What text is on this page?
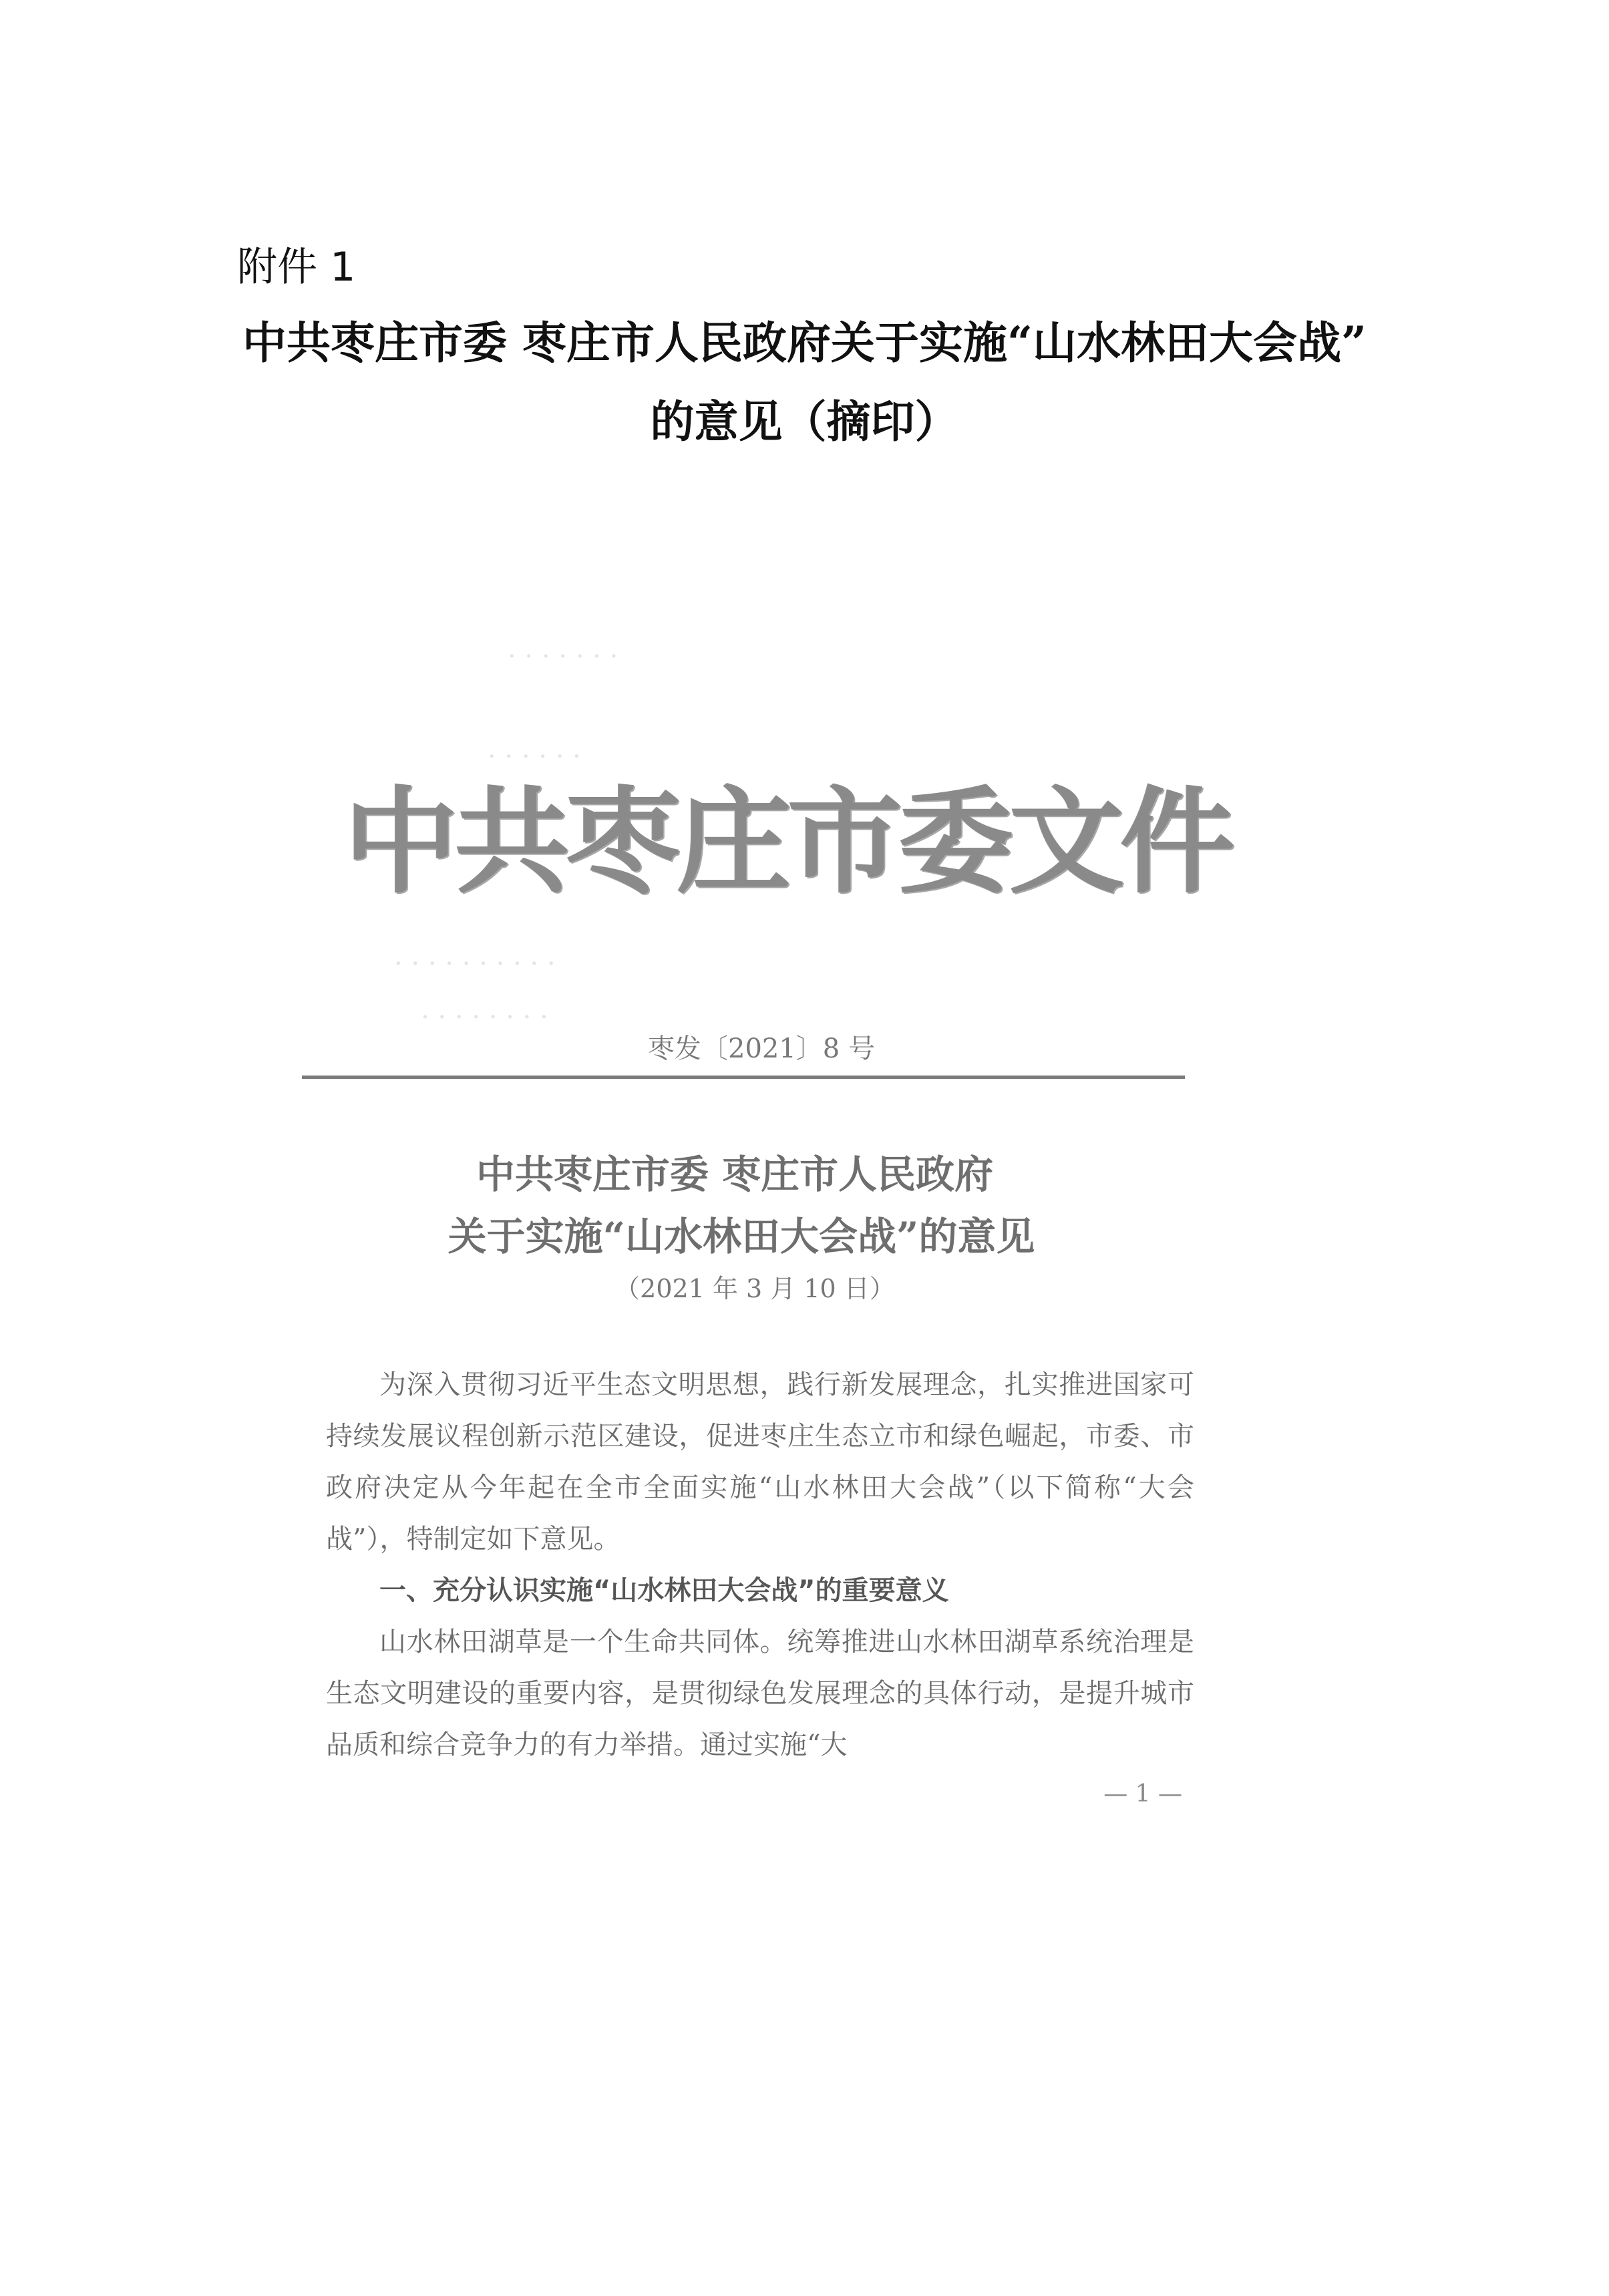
附件 1
中共枣庄市委 枣庄市人民政府关于实施“山水林田大会战”
的意见（摘印）
· · · · · · ·
· · · · · ·
· · · · · · · · · ·
· · · · · · · ·
中共枣庄市委文件
枣发〔2021〕8 号
中共枣庄市委 枣庄市人民政府
关于实施“山水林田大会战”的意见
（2021 年 3 月 10 日）

为深入贯彻习近平生态文明思想，践行新发展理念，扎实推进国家可持续发展议程创新示范区建设，促进枣庄生态立市和绿色崛起，市委、市政府决定从今年起在全市全面实施“山水林田大会战”（以下简称“大会战”），特制定如下意见。

一、充分认识实施“山水林田大会战”的重要意义

山水林田湖草是一个生命共同体。统筹推进山水林田湖草系统治理是生态文明建设的重要内容，是贯彻绿色发展理念的具体行动，是提升城市品质和综合竞争力的有力举措。通过实施“大

— 1 —
